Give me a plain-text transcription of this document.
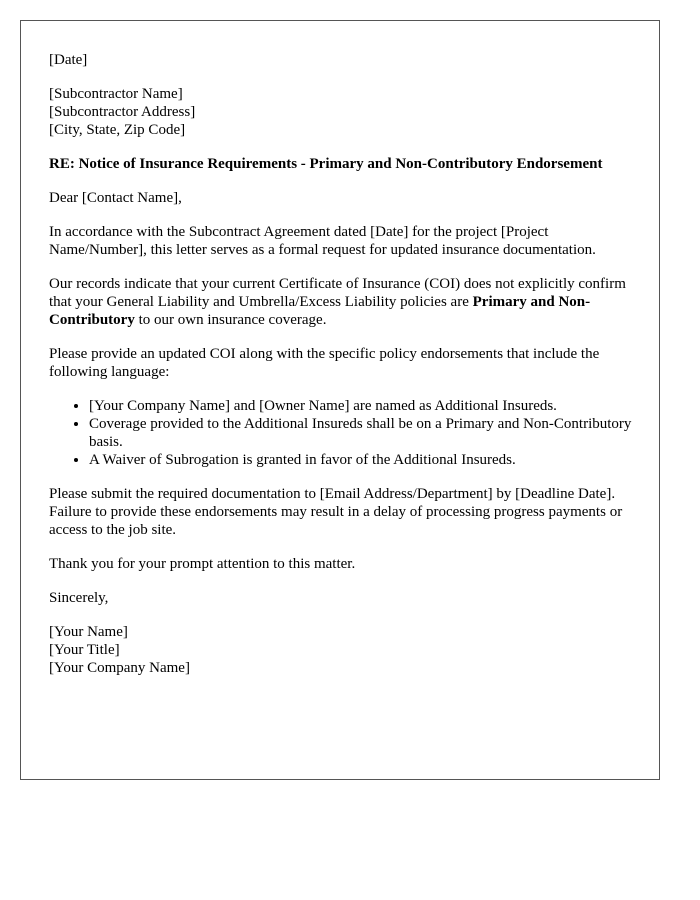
[Date]

[Subcontractor Name]

[Subcontractor Address]

[City, State, Zip Code]

RE: Notice of Insurance Requirements - Primary and Non-Contributory Endorsement

Dear [Contact Name],

In accordance with the Subcontract Agreement dated [Date] for the project [Project Name/Number], this letter serves as a formal request for updated insurance documentation.

Our records indicate that your current Certificate of Insurance (COI) does not explicitly confirm that your General Liability and Umbrella/Excess Liability policies are Primary and Non-Contributory to our own insurance coverage.

Please provide an updated COI along with the specific policy endorsements that include the following language:

• [Your Company Name] and [Owner Name] are named as Additional Insureds.
• Coverage provided to the Additional Insureds shall be on a Primary and Non-Contributory basis.
• A Waiver of Subrogation is granted in favor of the Additional Insureds.

Please submit the required documentation to [Email Address/Department] by [Deadline Date]. Failure to provide these endorsements may result in a delay of processing progress payments or access to the job site.

Thank you for your prompt attention to this matter.

Sincerely,

[Your Name]

[Your Title]

[Your Company Name]
